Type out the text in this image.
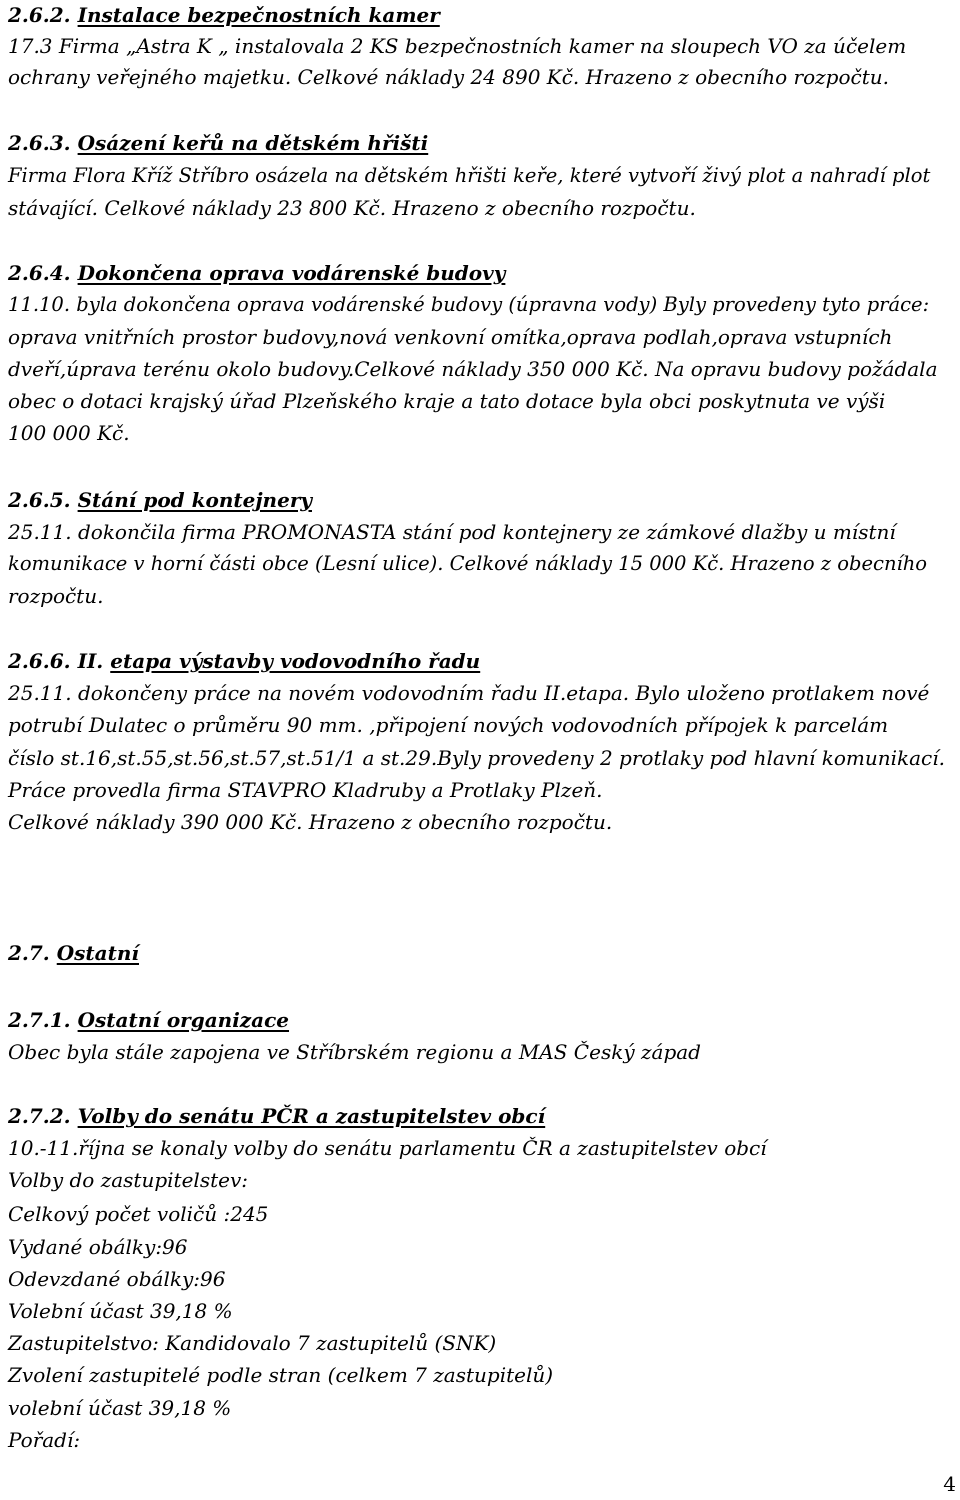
2.6.2. Instalace bezpečnostních kamer

17.3 Firma „Astra K „ instalovala 2 KS bezpečnostních kamer na sloupech VO za účelem

ochrany veřejného majetku. Celkové náklady 24 890 Kč. Hrazeno z obecního rozpočtu.

2.6.3. Osázení keřů na dětském hřišti

Firma Flora Kříž Stříbro osázela na dětském hřišti keře, které vytvoří živý plot a nahradí plot

stávající. Celkové náklady 23 800 Kč. Hrazeno z obecního rozpočtu.

2.6.4. Dokončena oprava vodárenské budovy

11.10. byla dokončena oprava vodárenské budovy (úpravna vody) Byly provedeny tyto práce:

oprava vnitřních prostor budovy,nová venkovní omítka,oprava podlah,oprava vstupních

dveří,úprava terénu okolo budovy.Celkové náklady 350 000 Kč. Na opravu budovy požádala

obec o dotaci krajský úřad Plzeňského kraje a tato dotace byla obci poskytnuta ve výši

100 000 Kč.

2.6.5. Stání pod kontejnery

25.11. dokončila firma PROMONASTA stání pod kontejnery ze zámkové dlažby u místní

komunikace v horní části obce (Lesní ulice). Celkové náklady 15 000 Kč. Hrazeno z obecního

rozpočtu.

2.6.6. II. etapa výstavby vodovodního řadu

25.11. dokončeny práce na novém vodovodním řadu II.etapa. Bylo uloženo protlakem nové

potrubí Dulatec o průměru 90 mm. ,připojení nových vodovodních přípojek k parcelám

číslo st.16,st.55,st.56,st.57,st.51/1 a st.29.Byly provedeny 2 protlaky pod hlavní komunikací.

Práce provedla firma STAVPRO Kladruby a Protlaky Plzeň.

Celkové náklady 390 000 Kč. Hrazeno z obecního rozpočtu.

2.7. Ostatní

2.7.1. Ostatní organizace

Obec byla stále zapojena ve Stříbrském regionu a MAS Český západ

2.7.2. Volby do senátu PČR a zastupitelstev obcí

10.-11.října se konaly volby do senátu parlamentu ČR a zastupitelstev obcí

Volby do zastupitelstev:

Celkový počet voličů :245

Vydané obálky:96

Odevzdané obálky:96

Volební účast 39,18 %

Zastupitelstvo: Kandidovalo 7 zastupitelů (SNK)

Zvolení zastupitelé podle stran (celkem 7 zastupitelů)

volební účast 39,18 %

Pořadí:

4
